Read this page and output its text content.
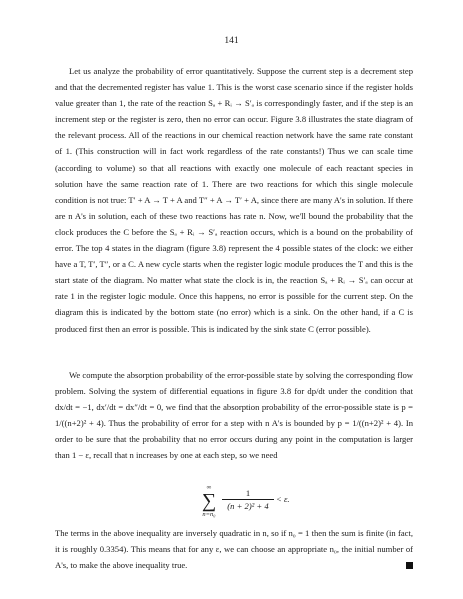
141

Let us analyze the probability of error quantitatively. Suppose the current step is a decrement step and that the decremented register has value 1. This is the worst case scenario since if the register holds value greater than 1, the rate of the reaction Sₐ + Rᵢ → S′ₐ is correspondingly faster, and if the step is an increment step or the register is zero, then no error can occur. Figure 3.8 illustrates the state diagram of the relevant process. All of the reactions in our chemical reaction network have the same rate constant of 1. (This construction will in fact work regardless of the rate constants!) Thus we can scale time (according to volume) so that all reactions with exactly one molecule of each reactant species in solution have the same reaction rate of 1. There are two reactions for which this single molecule condition is not true: T′ + A → T + A and T″ + A → T′ + A, since there are many A's in solution. If there are n A's in solution, each of these two reactions has rate n. Now, we'll bound the probability that the clock produces the C before the Sₐ + Rᵢ → S′ₐ reaction occurs, which is a bound on the probability of error. The top 4 states in the diagram (figure 3.8) represent the 4 possible states of the clock: we either have a T, T′, T″, or a C. A new cycle starts when the register logic module produces the T and this is the start state of the diagram. No matter what state the clock is in, the reaction Sₐ + Rᵢ → S′ₐ can occur at rate 1 in the register logic module. Once this happens, no error is possible for the current step. On the diagram this is indicated by the bottom state (no error) which is a sink. On the other hand, if a C is produced first then an error is possible. This is indicated by the sink state C (error possible).

We compute the absorption probability of the error-possible state by solving the corresponding flow problem. Solving the system of differential equations in figure 3.8 for dp/dt under the condition that dx/dt = −1, dx′/dt = dx″/dt = 0, we find that the absorption probability of the error-possible state is p = 1/((n+2)² + 4). Thus the probability of error for a step with n A's is bounded by p = 1/((n+2)² + 4). In order to be sure that the probability that no error occurs during any point in the computation is larger than 1 − ε, recall that n increases by one at each step, so we need

∞
∑
n=n₀
$\frac{1}{\text{(n + 2)² + 4}} < \varepsilon$.

The terms in the above inequality are inversely quadratic in n, so if n₀ = 1 then the sum is finite (in fact, it is roughly 0.3354). This means that for any ε, we can choose an appropriate n₀, the initial number of A's, to make the above inequality true.
